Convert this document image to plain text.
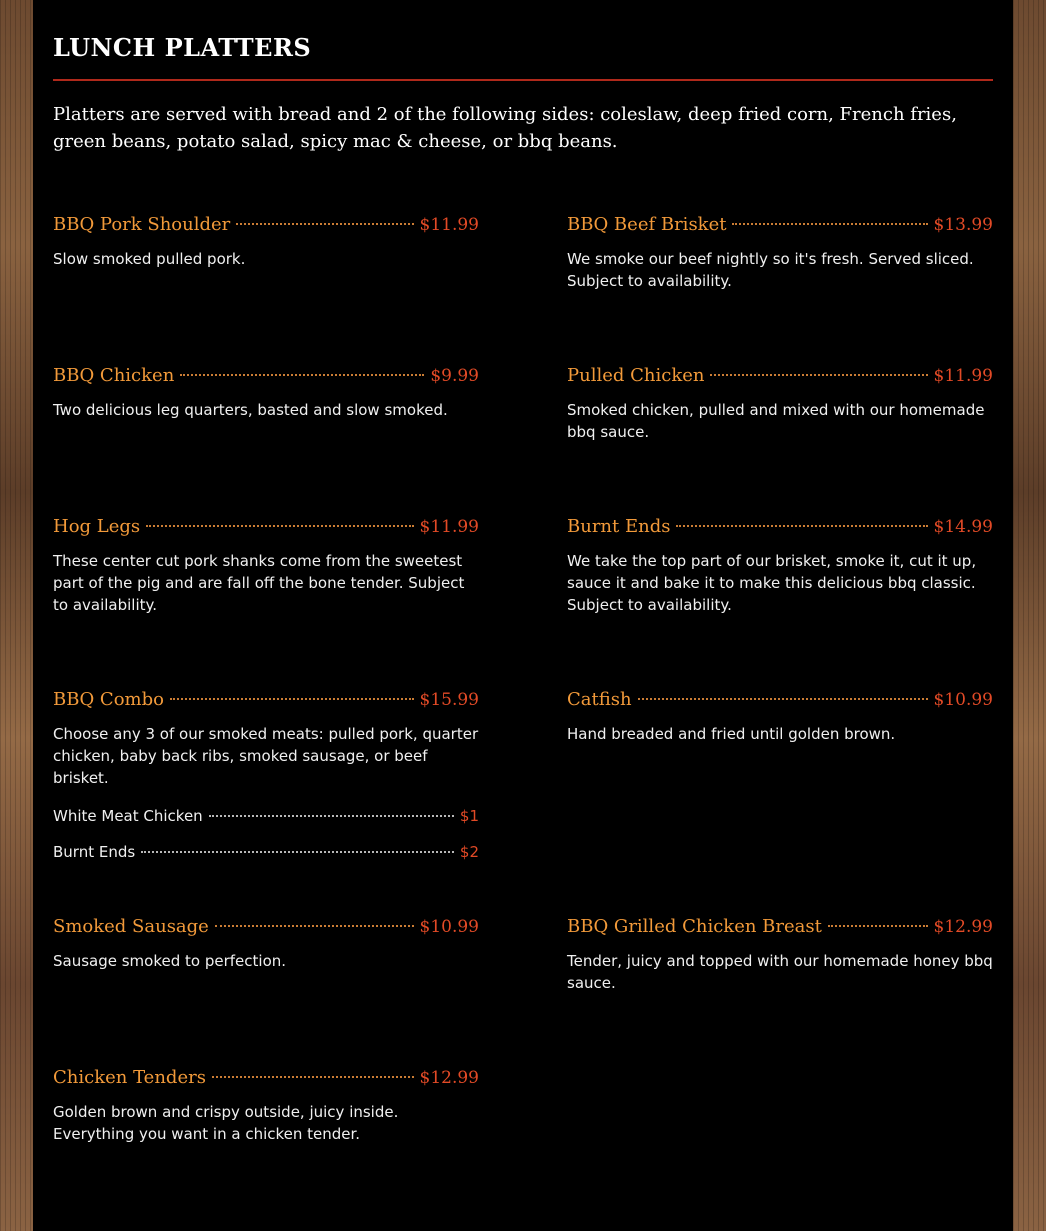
LUNCH PLATTERS

Platters are served with bread and 2 of the following sides: coleslaw, deep fried corn, French fries, green beans, potato salad, spicy mac & cheese, or bbq beans.

BBQ Pork Shoulder	$11.99

Slow smoked pulled pork.

BBQ Beef Brisket	$13.99

We smoke our beef nightly so it's fresh. Served sliced. Subject to availability.

BBQ Chicken	$9.99

Two delicious leg quarters, basted and slow smoked.

Pulled Chicken	$11.99

Smoked chicken, pulled and mixed with our homemade bbq sauce.

Hog Legs	$11.99

These center cut pork shanks come from the sweetest part of the pig and are fall off the bone tender. Subject to availability.

Burnt Ends	$14.99

We take the top part of our brisket, smoke it, cut it up, sauce it and bake it to make this delicious bbq classic. Subject to availability.

BBQ Combo	$15.99

Choose any 3 of our smoked meats: pulled pork, quarter chicken, baby back ribs, smoked sausage, or beef brisket.

White Meat Chicken	$1
Burnt Ends	$2
Catfish	$10.99

Hand breaded and fried until golden brown.

Smoked Sausage	$10.99

Sausage smoked to perfection.

BBQ Grilled Chicken Breast	$12.99

Tender, juicy and topped with our homemade honey bbq sauce.

Chicken Tenders	$12.99

Golden brown and crispy outside, juicy inside. Everything you want in a chicken tender.
